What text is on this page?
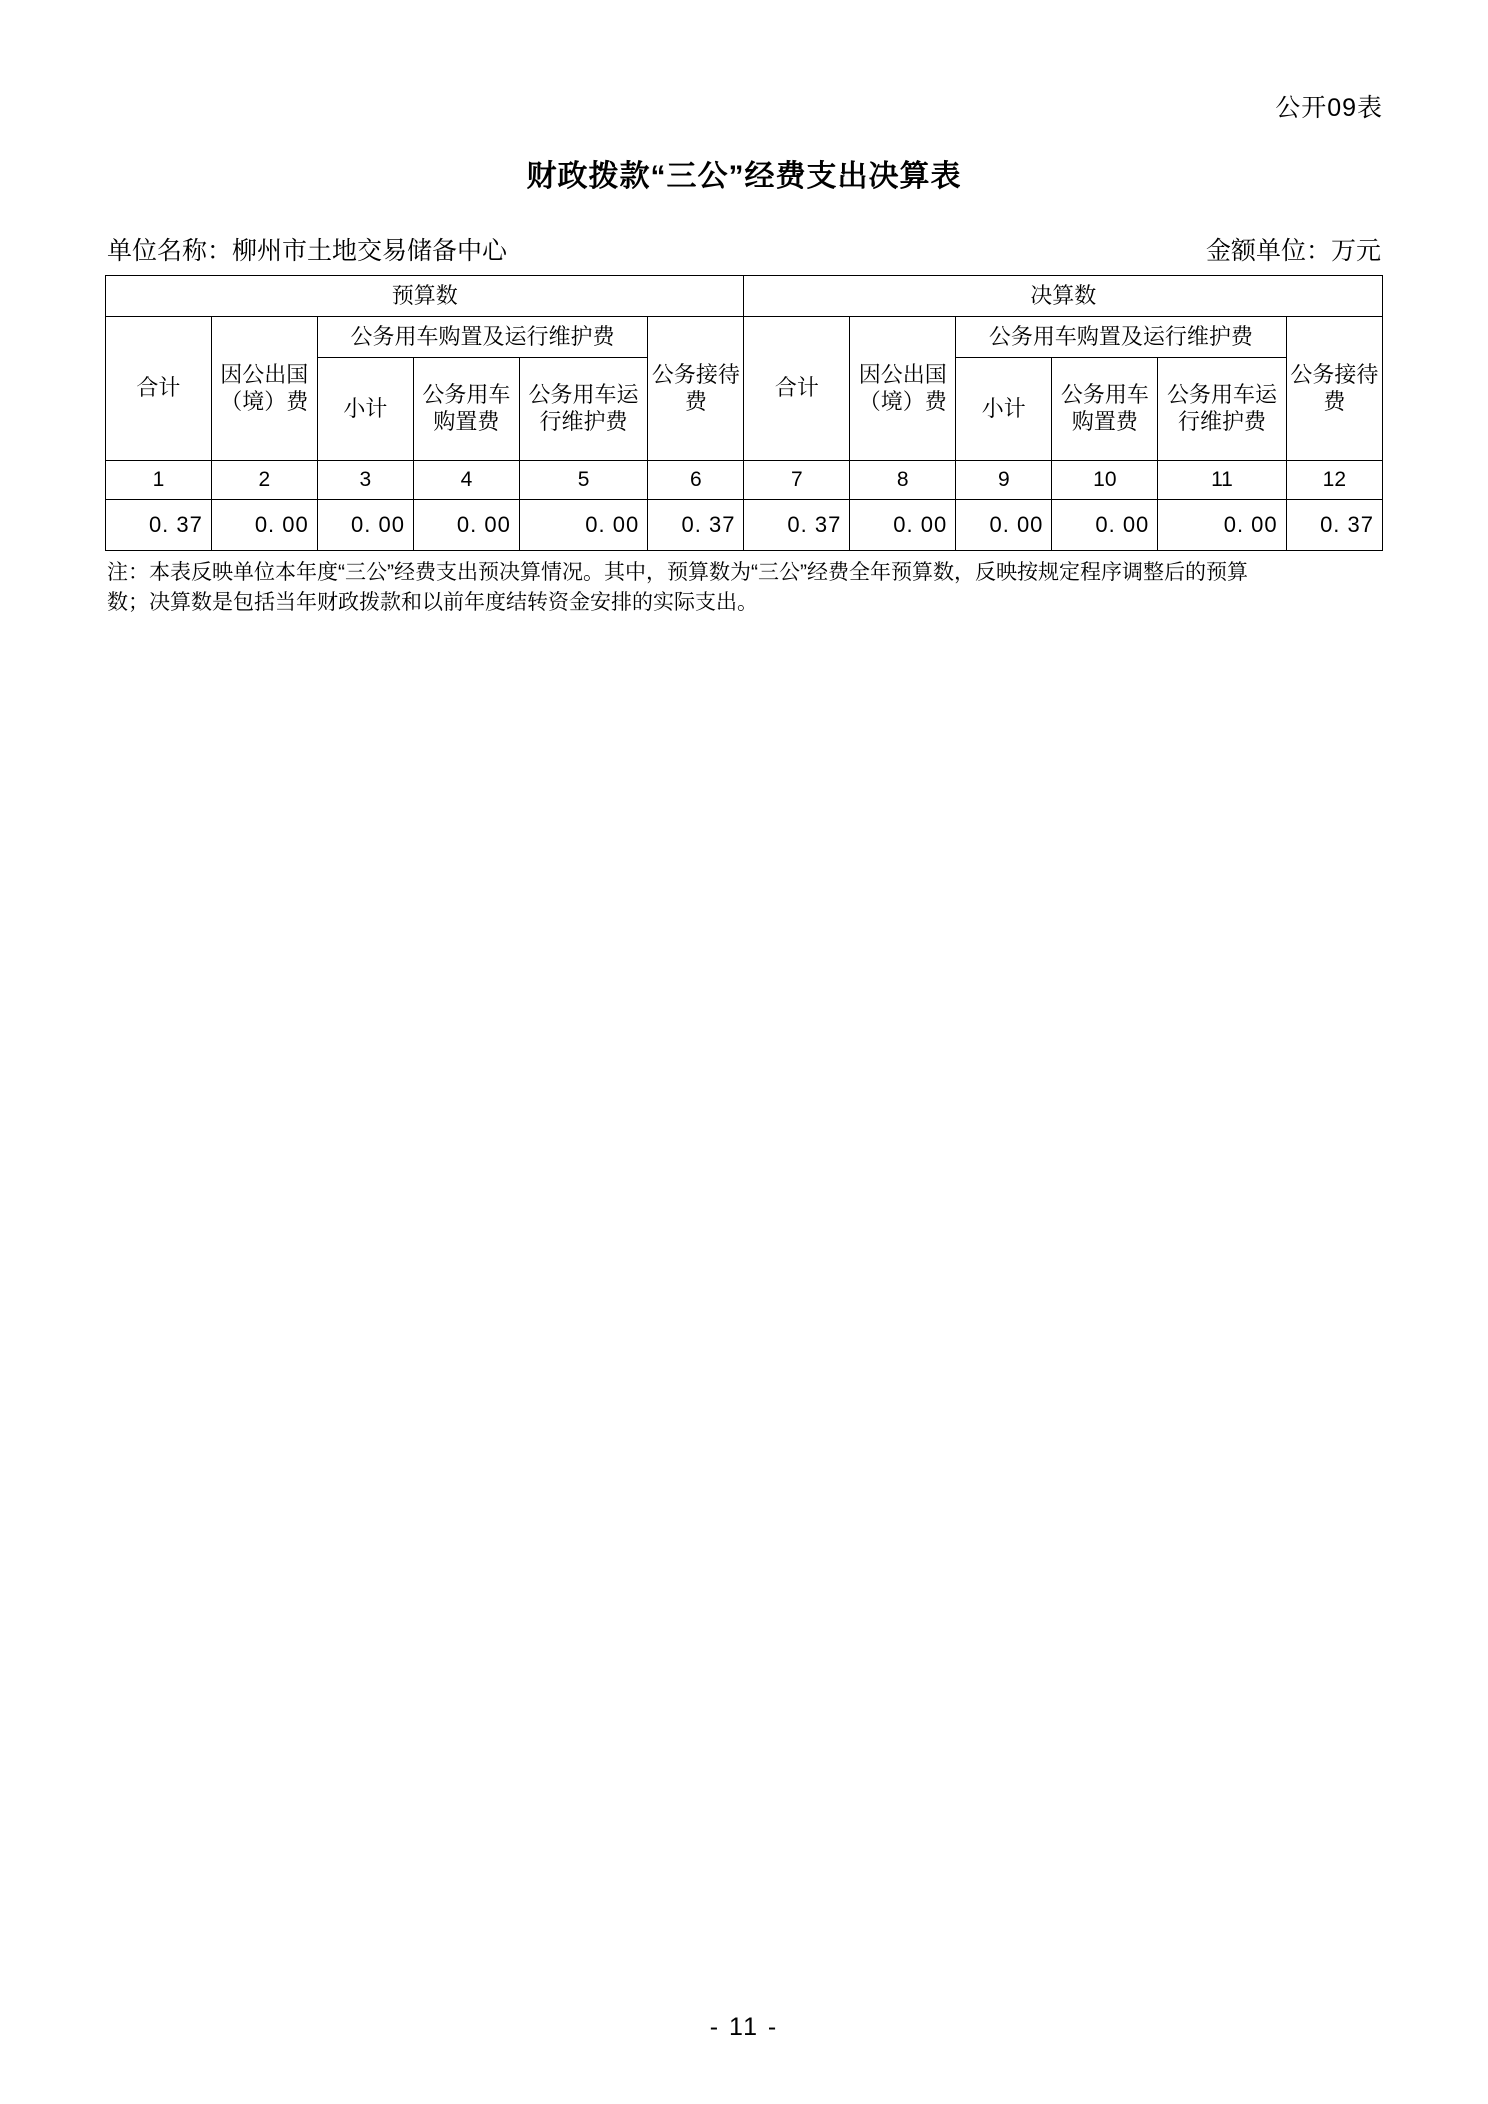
公开09表
财政拨款“三公”经费支出决算表
单位名称：柳州市土地交易储备中心	金额单位：万元
预算数						决算数					
合计	因公出国（境）费	公务用车购置及运行维护费			公务接待费	合计	因公出国（境）费	公务用车购置及运行维护费			公务接待费
		小计	公务用车购置费	公务用车运行维护费				小计	公务用车购置费	公务用车运行维护费	
1	2	3	4	5	6	7	8	9	10	11	12
0. 37	0. 00	0. 00	0. 00	0. 00	0. 37	0. 37	0. 00	0. 00	0. 00	0. 00	0. 37
注：本表反映单位本年度“三公”经费支出预决算情况。其中，预算数为“三公”经费全年预算数，反映按规定程序调整后的预算
数；决算数是包括当年财政拨款和以前年度结转资金安排的实际支出。
- 11 -
